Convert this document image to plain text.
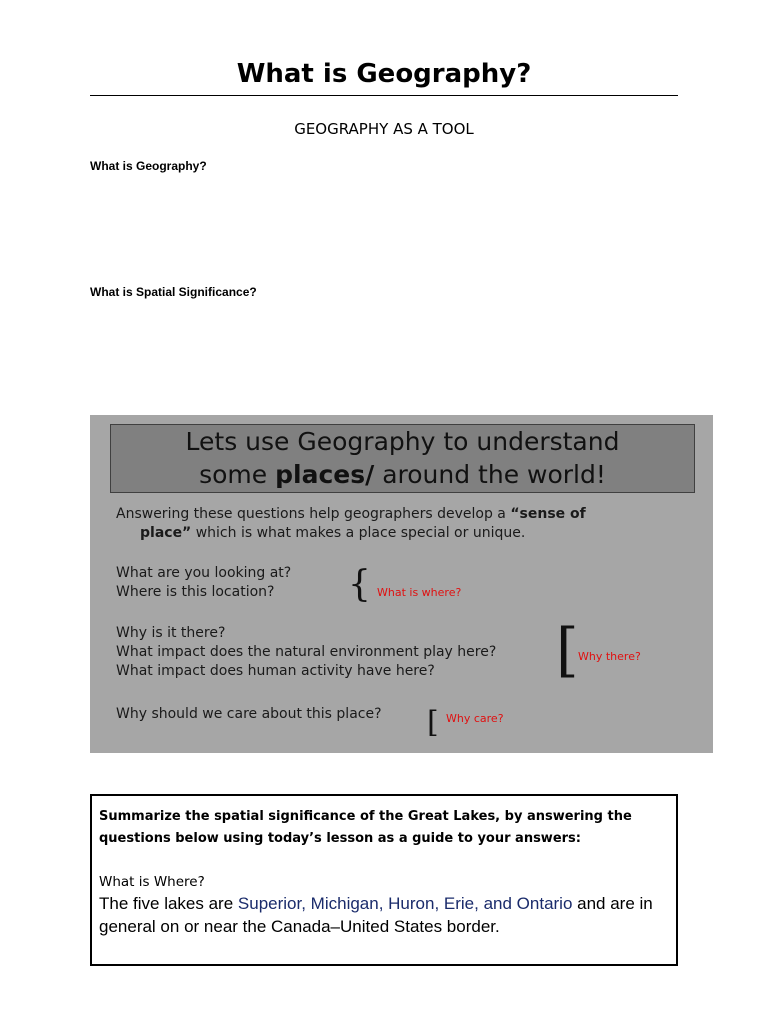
What is Geography?
GEOGRAPHY AS A TOOL
What is Geography?
What is Spatial Significance?
Lets use Geography to understand
some places/ around the world!
Answering these questions help geographers develop a “sense of
place” which is what makes a place special or unique.
What are you looking at?
Where is this location?	{ What is where?
Why is it there?
What impact does the natural environment play here?
What impact does human activity have here?	[ Why there?
Why should we care about this place? [ Why care?
Summarize the spatial significance of the Great Lakes, by answering the questions below using today’s lesson as a guide to your answers:
What is Where?
The five lakes are Superior, Michigan, Huron, Erie, and Ontario and are in general on or near the Canada–United States border.
